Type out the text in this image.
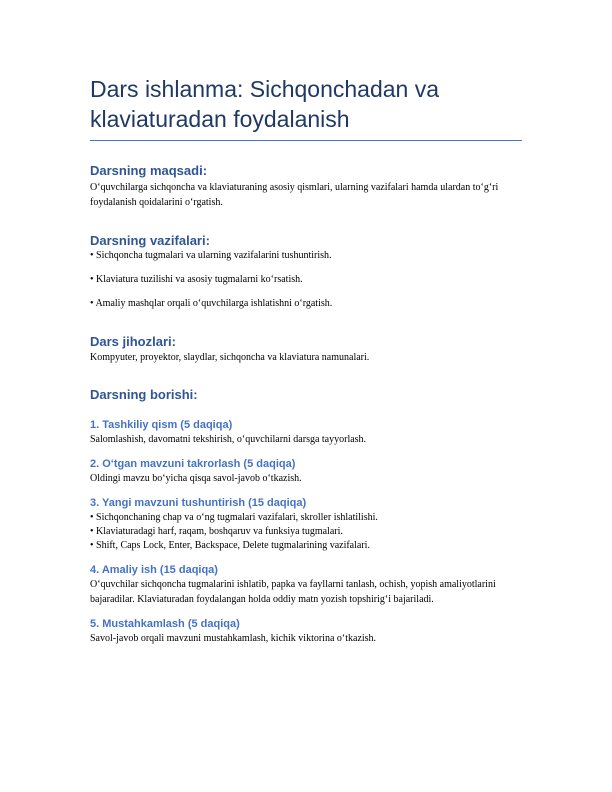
Dars ishlanma: Sichqonchadan va klaviaturadan foydalanish
Darsning maqsadi:

O‘quvchilarga sichqoncha va klaviaturaning asosiy qismlari, ularning vazifalari hamda ulardan to‘g‘ri foydalanish qoidalarini o‘rgatish.

Darsning vazifalari:

• Sichqoncha tugmalari va ularning vazifalarini tushuntirish.

• Klaviatura tuzilishi va asosiy tugmalarni ko‘rsatish.

• Amaliy mashqlar orqali o‘quvchilarga ishlatishni o‘rgatish.

Dars jihozlari:

Kompyuter, proyektor, slaydlar, sichqoncha va klaviatura namunalari.

Darsning borishi:
1. Tashkiliy qism (5 daqiqa)

Salomlashish, davomatni tekshirish, o‘quvchilarni darsga tayyorlash.

2. O‘tgan mavzuni takrorlash (5 daqiqa)

Oldingi mavzu bo‘yicha qisqa savol-javob o‘tkazish.

3. Yangi mavzuni tushuntirish (15 daqiqa)

• Sichqonchaning chap va o‘ng tugmalari vazifalari, skroller ishlatilishi.

• Klaviaturadagi harf, raqam, boshqaruv va funksiya tugmalari.

• Shift, Caps Lock, Enter, Backspace, Delete tugmalarining vazifalari.

4. Amaliy ish (15 daqiqa)

O‘quvchilar sichqoncha tugmalarini ishlatib, papka va fayllarni tanlash, ochish, yopish amaliyotlarini bajaradilar. Klaviaturadan foydalangan holda oddiy matn yozish topshirig‘i bajariladi.

5. Mustahkamlash (5 daqiqa)

Savol-javob orqali mavzuni mustahkamlash, kichik viktorina o‘tkazish.
